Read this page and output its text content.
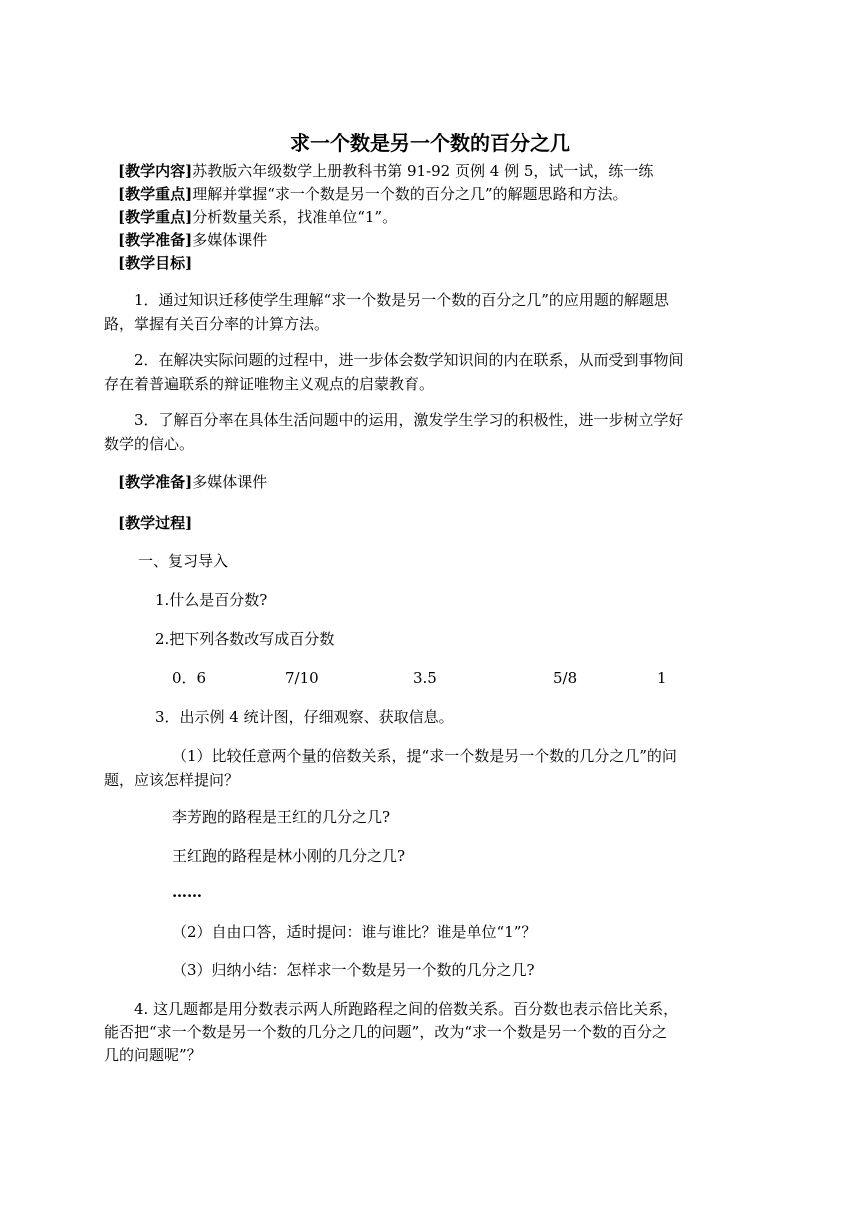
求一个数是另一个数的百分之几
[教学内容]苏教版六年级数学上册教科书第 91-92 页例 4 例 5，试一试，练一练
[教学重点]理解并掌握“求一个数是另一个数的百分之几”的解题思路和方法。
[教学重点]分析数量关系，找准单位“1”。
[教学准备]多媒体课件
[教学目标]
1．通过知识迁移使学生理解“求一个数是另一个数的百分之几”的应用题的解题思
路，掌握有关百分率的计算方法。
2．在解决实际问题的过程中，进一步体会数学知识间的内在联系，从而受到事物间
存在着普遍联系的辩证唯物主义观点的启蒙教育。
3．了解百分率在具体生活问题中的运用，激发学生学习的积极性，进一步树立学好
数学的信心。
[教学准备]多媒体课件
[教学过程]
一、复习导入
1.什么是百分数?
2.把下列各数改写成百分数
0．6	7/10	3.5	5/8	1
3．出示例 4 统计图，仔细观察、获取信息。
（1）比较任意两个量的倍数关系，提“求一个数是另一个数的几分之几”的问
题，应该怎样提问？
李芳跑的路程是王红的几分之几?
王红跑的路程是林小刚的几分之几?
……
（2）自由口答，适时提问：谁与谁比？谁是单位“1”？
（3）归纳小结：怎样求一个数是另一个数的几分之几?
4. 这几题都是用分数表示两人所跑路程之间的倍数关系。百分数也表示倍比关系，
能否把“求一个数是另一个数的几分之几的问题”，改为“求一个数是另一个数的百分之
几的问题呢”？
